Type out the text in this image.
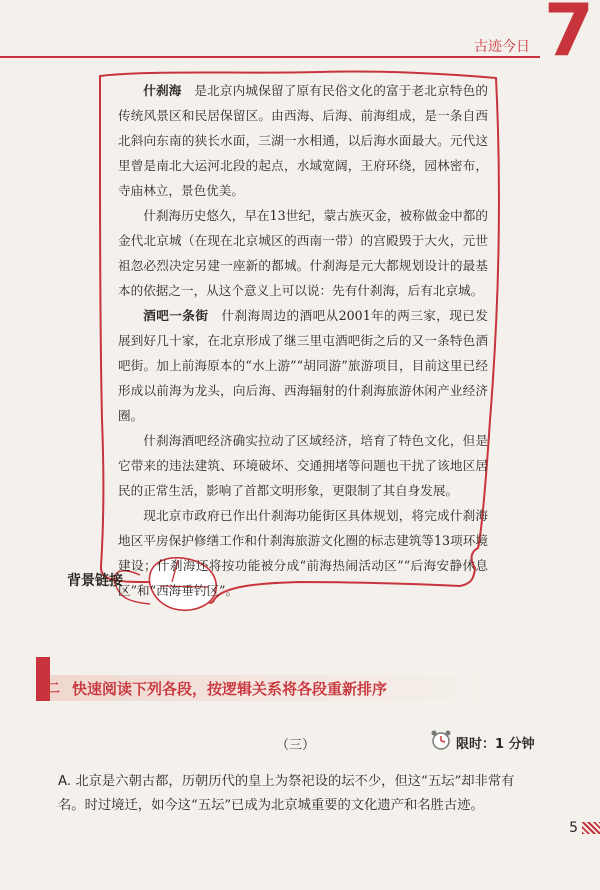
古迹今日 7

什刹海　 是北京内城保留了原有民俗文化的富于老北京特色的传统风景区和民居保留区。由西海、后海、前海组成，是一条自西北斜向东南的狭长水面，三湖一水相通，以后海水面最大。元代这里曾是南北大运河北段的起点，水域宽阔，王府环绕，园林密布，寺庙林立，景色优美。

什刹海历史悠久，早在13世纪，蒙古族灭金，被称做金中都的金代北京城（在现在北京城区的西南一带）的宫殿毁于大火，元世祖忽必烈决定另建一座新的都城。什刹海是元大都规划设计的最基本的依据之一，从这个意义上可以说：先有什刹海，后有北京城。

酒吧一条街　 什刹海周边的酒吧从2001年的两三家，现已发展到好几十家，在北京形成了继三里屯酒吧街之后的又一条特色酒吧街。加上前海原本的“水上游”“胡同游”旅游项目，目前这里已经形成以前海为龙头，向后海、西海辐射的什刹海旅游休闲产业经济圈。

什刹海酒吧经济确实拉动了区域经济，培育了特色文化，但是它带来的违法建筑、环境破坏、交通拥堵等问题也干扰了该地区居民的正常生活，影响了首都文明形象，更限制了其自身发展。

现北京市政府已作出什刹海功能街区具体规划，将完成什刹海地区平房保护修缮工作和什刹海旅游文化圈的标志建筑等13项环境建设；什刹海还将按功能被分成“前海热闹活动区”“后海安静休息区”和“西海垂钓区”。

背景链接
二 快速阅读下列各段，按逻辑关系将各段重新排序
（三）	限时：1 分钟
A. 北京是六朝古都，历朝历代的皇上为祭祀设的坛不少，但这“五坛”却非常有名。时过境迁，如今这“五坛”已成为北京城重要的文化遗产和名胜古迹。
5
